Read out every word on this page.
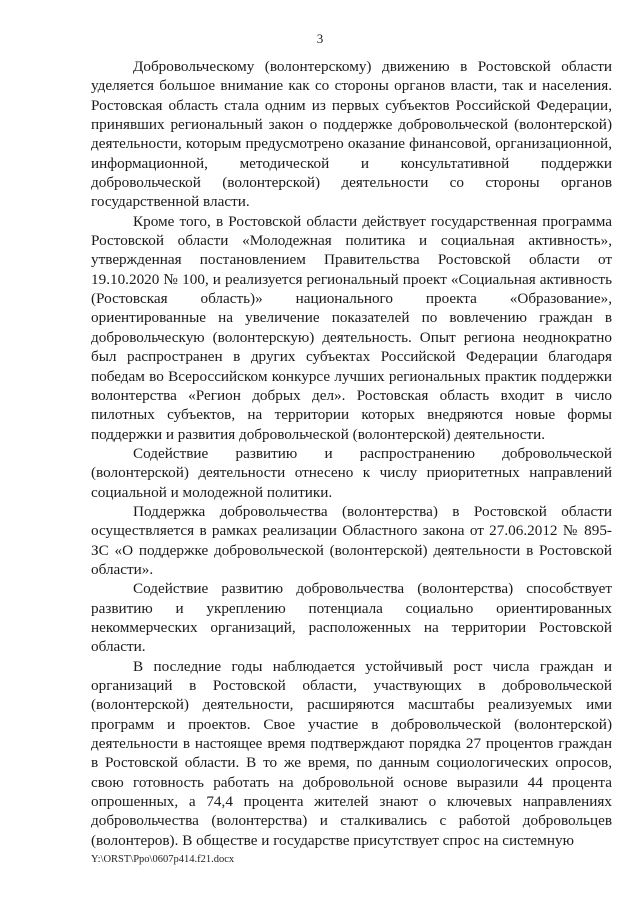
3

Добровольческому (волонтерскому) движению в Ростовской области уделяется большое внимание как со стороны органов власти, так и населения. Ростовская область стала одним из первых субъектов Российской Федерации, принявших региональный закон о поддержке добровольческой (волонтерской) деятельности, которым предусмотрено оказание финансовой, организационной, информационной, методической и консультативной поддержки добровольческой (волонтерской) деятельности со стороны органов государственной власти.

Кроме того, в Ростовской области действует государственная программа Ростовской области «Молодежная политика и социальная активность», утвержденная постановлением Правительства Ростовской области от 19.10.2020 № 100, и реализуется региональный проект «Социальная активность (Ростовская область)» национального проекта «Образование», ориентированные на увеличение показателей по вовлечению граждан в добровольческую (волонтерскую) деятельность. Опыт региона неоднократно был распространен в других субъектах Российской Федерации благодаря победам во Всероссийском конкурсе лучших региональных практик поддержки волонтерства «Регион добрых дел». Ростовская область входит в число пилотных субъектов, на территории которых внедряются новые формы поддержки и развития добровольческой (волонтерской) деятельности.

Содействие развитию и распространению добровольческой (волонтерской) деятельности отнесено к числу приоритетных направлений социальной и молодежной политики.

Поддержка добровольчества (волонтерства) в Ростовской области осуществляется в рамках реализации Областного закона от 27.06.2012 № 895-ЗС «О поддержке добровольческой (волонтерской) деятельности в Ростовской области».

Содействие развитию добровольчества (волонтерства) способствует развитию и укреплению потенциала социально ориентированных некоммерческих организаций, расположенных на территории Ростовской области.

В последние годы наблюдается устойчивый рост числа граждан и организаций в Ростовской области, участвующих в добровольческой (волонтерской) деятельности, расширяются масштабы реализуемых ими программ и проектов. Свое участие в добровольческой (волонтерской) деятельности в настоящее время подтверждают порядка 27 процентов граждан в Ростовской области. В то же время, по данным социологических опросов, свою готовность работать на добровольной основе выразили 44 процента опрошенных, а 74,4 процента жителей знают о ключевых направлениях добровольчества (волонтерства) и сталкивались с работой добровольцев (волонтеров). В обществе и государстве присутствует спрос на системную

Y:\ORST\Ppo\0607p414.f21.docx
